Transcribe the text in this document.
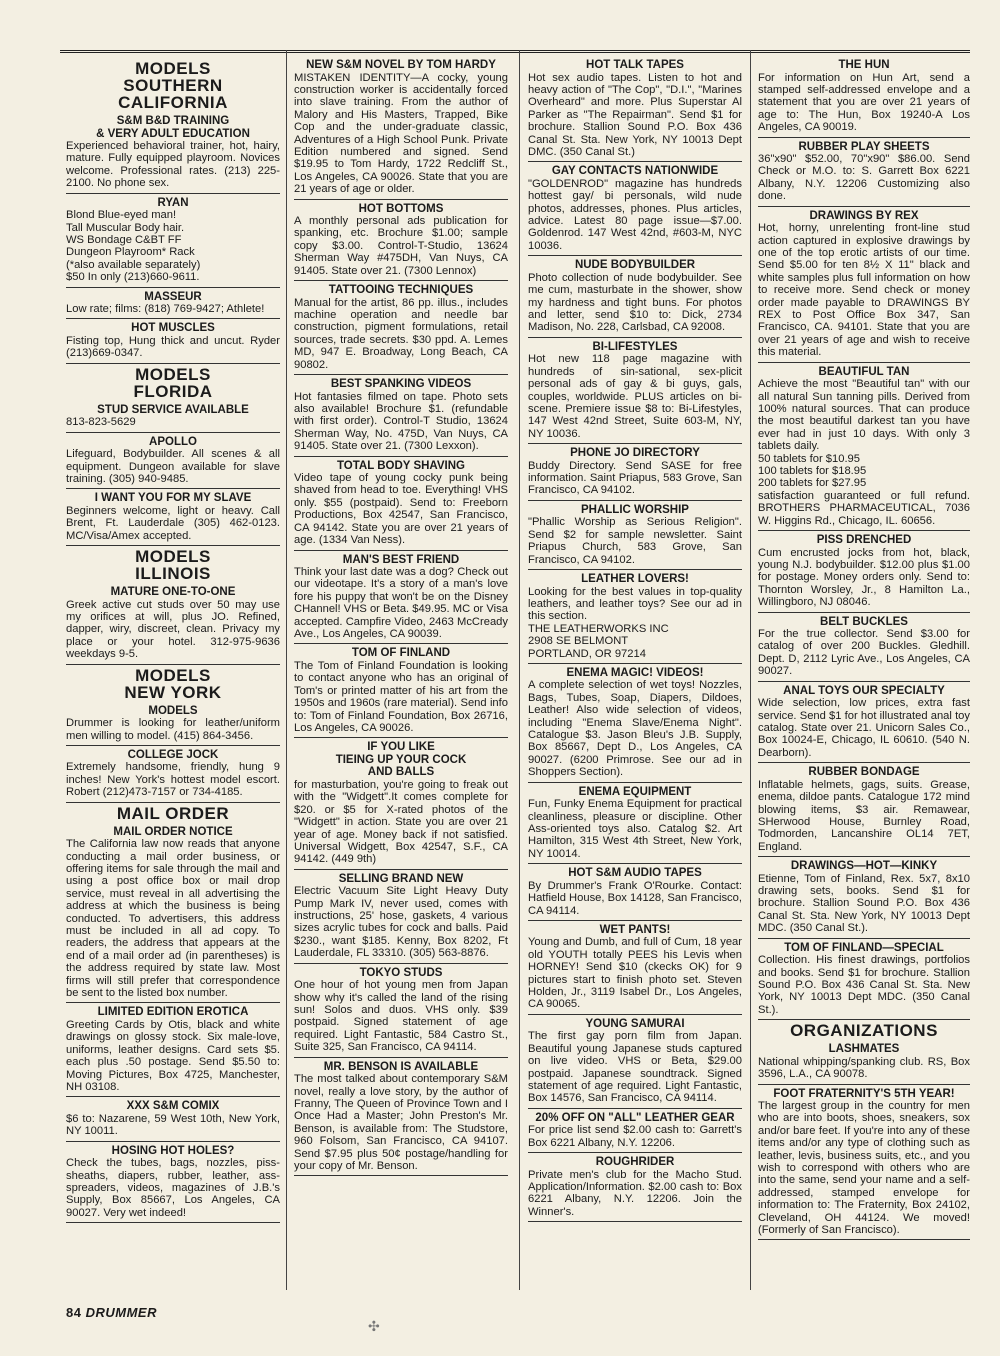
MODELS
SOUTHERN
CALIFORNIA
S&M B&D TRAINING
& VERY ADULT EDUCATION

Experienced behavioral trainer, hot, hairy, mature. Fully equipped playroom. Novices welcome. Professional rates. (213) 225-2100. No phone sex.

RYAN

Blond Blue-eyed man!
Tall Muscular Body hair.
WS Bondage C&BT FF
Dungeon Playroom* Rack
(*also available separately)
$50 In only (213)660-9611.

MASSEUR

Low rate; films: (818) 769-9427; Athlete!

HOT MUSCLES

Fisting top, Hung thick and uncut. Ryder (213)669-0347.

MODELS
FLORIDA
STUD SERVICE AVAILABLE

813-823-5629

APOLLO

Lifeguard, Bodybuilder. All scenes & all equipment. Dungeon available for slave training. (305) 940-9485.

I WANT YOU FOR MY SLAVE

Beginners welcome, light or heavy. Call Brent, Ft. Lauderdale (305) 462-0123. MC/Visa/Amex accepted.

MODELS
ILLINOIS
MATURE ONE-TO-ONE

Greek active cut studs over 50 may use my orifices at will, plus JO. Refined, dapper, wiry, discreet, clean. Privacy my place or your hotel. 312-975-9636 weekdays 9-5.

MODELS
NEW YORK
MODELS

Drummer is looking for leather/uniform men willing to model. (415) 864-3456.

COLLEGE JOCK

Extremely handsome, friendly, hung 9 inches! New York's hottest model escort. Robert (212)473-7157 or 734-4185.

MAIL ORDER
MAIL ORDER NOTICE

The California law now reads that anyone conducting a mail order business, or offering items for sale through the mail and using a post office box or mail drop service, must reveal in all advertising the address at which the business is being conducted. To advertisers, this address must be included in all ad copy. To readers, the address that appears at the end of a mail order ad (in parentheses) is the address required by state law. Most firms will still prefer that correspondence be sent to the listed box number.

LIMITED EDITION EROTICA

Greeting Cards by Otis, black and white drawings on glossy stock. Six male-love, uniforms, leather designs. Card sets $5. each plus .50 postage. Send $5.50 to: Moving Pictures, Box 4725, Manchester, NH 03108.

XXX S&M COMIX

$6 to: Nazarene, 59 West 10th, New York, NY 10011.

HOSING HOT HOLES?

Check the tubes, bags, nozzles, piss-sheaths, diapers, rubber, leather, ass-spreaders, videos, magazines of J.B.'s Supply, Box 85667, Los Angeles, CA 90027. Very wet indeed!

NEW S&M NOVEL BY TOM HARDY

MISTAKEN IDENTITY—A cocky, young construction worker is accidentally forced into slave training. From the author of Malory and His Masters, Trapped, Bike Cop and the under-graduate classic, Adventures of a High School Punk. Private Edition numbered and signed. Send $19.95 to Tom Hardy, 1722 Redcliff St., Los Angeles, CA 90026. State that you are 21 years of age or older.

HOT BOTTOMS

A monthly personal ads publication for spanking, etc. Brochure $1.00; sample copy $3.00. Control-T-Studio, 13624 Sherman Way #475DH, Van Nuys, CA 91405. State over 21. (7300 Lennox)

TATTOOING TECHNIQUES

Manual for the artist, 86 pp. illus., includes machine operation and needle bar construction, pigment formulations, retail sources, trade secrets. $30 ppd. A. Lemes MD, 947 E. Broadway, Long Beach, CA 90802.

BEST SPANKING VIDEOS

Hot fantasies filmed on tape. Photo sets also available! Brochure $1. (refundable with first order). Control-T Studio, 13624 Sherman Way, No. 475D, Van Nuys, CA 91405. State over 21. (7300 Lexxon).

TOTAL BODY SHAVING

Video tape of young cocky punk being shaved from head to toe. Everything! VHS only. $55 (postpaid). Send to: Freeborn Productions, Box 42547, San Francisco, CA 94142. State you are over 21 years of age. (1334 Van Ness).

MAN'S BEST FRIEND

Think your last date was a dog? Check out our videotape. It's a story of a man's love fore his puppy that won't be on the Disney CHannel! VHS or Beta. $49.95. MC or Visa accepted. Campfire Video, 2463 McCready Ave., Los Angeles, CA 90039.

TOM OF FINLAND

The Tom of Finland Foundation is looking to contact anyone who has an original of Tom's or printed matter of his art from the 1950s and 1960s (rare material). Send info to: Tom of Finland Foundation, Box 26716, Los Angeles, CA 90026.

IF YOU LIKE
TIEING UP YOUR COCK
AND BALLS

for masturbation, you're going to freak out with the "Widgett".It comes complete for $20. or $5 for X-rated photos of the "Widgett" in action. State you are over 21 year of age. Money back if not satisfied. Universal Widgett, Box 42547, S.F., CA 94142. (449 9th)

SELLING BRAND NEW

Electric Vacuum Site Light Heavy Duty Pump Mark IV, never used, comes with instructions, 25' hose, gaskets, 4 various sizes acrylic tubes for cock and balls. Paid $230., want $185. Kenny, Box 8202, Ft Lauderdale, FL 33310. (305) 563-8876.

TOKYO STUDS

One hour of hot young men from Japan show why it's called the land of the rising sun! Solos and duos. VHS only. $39 postpaid. Signed statement of age required. Light Fantastic, 584 Castro St., Suite 325, San Francisco, CA 94114.

MR. BENSON IS AVAILABLE

The most talked about contemporary S&M novel, really a love story, by the author of Franny, The Queen of Province Town and I Once Had a Master; John Preston's Mr. Benson, is available from: The Studstore, 960 Folsom, San Francisco, CA 94107. Send $7.95 plus 50¢ postage/handling for your copy of Mr. Benson.

HOT TALK TAPES

Hot sex audio tapes. Listen to hot and heavy action of "The Cop", "D.I.", "Marines Overheard" and more. Plus Superstar Al Parker as "The Repairman". Send $1 for brochure. Stallion Sound P.O. Box 436 Canal St. Sta. New York, NY 10013 Dept DMC. (350 Canal St.)

GAY CONTACTS NATIONWIDE

"GOLDENROD" magazine has hundreds hottest gay/ bi personals, wild nude photos, addresses, phones. Plus articles, advice. Latest 80 page issue—$7.00. Goldenrod. 147 West 42nd, #603-M, NYC 10036.

NUDE BODYBUILDER

Photo collection of nude bodybuilder. See me cum, masturbate in the shower, show my hardness and tight buns. For photos and letter, send $10 to: Dick, 2734 Madison, No. 228, Carlsbad, CA 92008.

BI-LIFESTYLES

Hot new 118 page magazine with hundreds of sin-sational, sex-plicit personal ads of gay & bi guys, gals, couples, worldwide. PLUS articles on bi-scene. Premiere issue $8 to: Bi-Lifestyles, 147 West 42nd Street, Suite 603-M, NY, NY 10036.

PHONE JO DIRECTORY

Buddy Directory. Send SASE for free information. Saint Priapus, 583 Grove, San Francisco, CA 94102.

PHALLIC WORSHIP

"Phallic Worship as Serious Religion". Send $2 for sample newsletter. Saint Priapus Church, 583 Grove, San Francisco, CA 94102.

LEATHER LOVERS!

Looking for the best values in top-quality leathers, and leather toys? See our ad in this section.
THE LEATHERWORKS INC
2908 SE BELMONT
PORTLAND, OR 97214

ENEMA MAGIC! VIDEOS!

A complete selection of wet toys! Nozzles, Bags, Tubes, Soap, Diapers, Dildoes, Leather! Also wide selection of videos, including "Enema Slave/Enema Night". Catalogue $3. Jason Bleu's J.B. Supply, Box 85667, Dept D., Los Angeles, CA 90027. (6200 Primrose. See our ad in Shoppers Section).

ENEMA EQUIPMENT

Fun, Funky Enema Equipment for practical cleanliness, pleasure or discipline. Other Ass-oriented toys also. Catalog $2. Art Hamilton, 315 West 4th Street, New York, NY 10014.

HOT S&M AUDIO TAPES

By Drummer's Frank O'Rourke. Contact: Hatfield House, Box 14128, San Francisco, CA 94114.

WET PANTS!

Young and Dumb, and full of Cum, 18 year old YOUTH totally PEES his Levis when HORNEY! Send $10 (ckecks OK) for 9 pictures start to finish photo set. Steven Holden, Jr., 3119 Isabel Dr., Los Angeles, CA 90065.

YOUNG SAMURAI

The first gay porn film from Japan. Beautiful young Japanese studs captured on live video. VHS or Beta, $29.00 postpaid. Japanese soundtrack. Signed statement of age required. Light Fantastic, Box 14576, San Francisco, CA 94114.

20% OFF ON "ALL" LEATHER GEAR

For price list send $2.00 cash to: Garrett's Box 6221 Albany, N.Y. 12206.

ROUGHRIDER

Private men's club for the Macho Stud. Application/Information. $2.00 cash to: Box 6221 Albany, N.Y. 12206. Join the Winner's.

THE HUN

For information on Hun Art, send a stamped self-addressed envelope and a statement that you are over 21 years of age to: The Hun, Box 19240-A Los Angeles, CA 90019.

RUBBER PLAY SHEETS

36"x90" $52.00, 70"x90" $86.00. Send Check or M.O. to: S. Garrett Box 6221 Albany, N.Y. 12206 Customizing also done.

DRAWINGS BY REX

Hot, horny, unrelenting front-line stud action captured in explosive drawings by one of the top erotic artists of our time. Send $5.00 for ten 8½ X 11" black and white samples plus full information on how to receive more. Send check or money order made payable to DRAWINGS BY REX to Post Office Box 347, San Francisco, CA. 94101. State that you are over 21 years of age and wish to receive this material.

BEAUTIFUL TAN

Achieve the most "Beautiful tan" with our all natural Sun tanning pills. Derived from 100% natural sources. That can produce the most beautiful darkest tan you have ever had in just 10 days. With only 3 tablets daily.
50 tablets for $10.95
100 tablets for $18.95
200 tablets for $27.95
satisfaction guaranteed or full refund. BROTHERS PHARMACEUTICAL, 7036 W. Higgins Rd., Chicago, IL. 60656.

PISS DRENCHED

Cum encrusted jocks from hot, black, young N.J. bodybuilder. $12.00 plus $1.00 for postage. Money orders only. Send to: Thornton Worsley, Jr., 8 Hamilton La., Willingboro, NJ 08046.

BELT BUCKLES

For the true collector. Send $3.00 for catalog of over 200 Buckles. Gledhill. Dept. D, 2112 Lyric Ave., Los Angeles, CA 90027.

ANAL TOYS OUR SPECIALTY

Wide selection, low prices, extra fast service. Send $1 for hot illustrated anal toy catalog. State over 21. Unicorn Sales Co., Box 10024-E, Chicago, IL 60610. (540 N. Dearborn).

RUBBER BONDAGE

Inflatable helmets, gags, suits. Grease, enema, dildoe pants. Catalogue 172 mind blowing items, $3 air. Remawear, SHerwood House, Burnley Road, Todmorden, Lancanshire OL14 7ET, England.

DRAWINGS—HOT—KINKY

Etienne, Tom of Finland, Rex. 5x7, 8x10 drawing sets, books. Send $1 for brochure. Stallion Sound P.O. Box 436 Canal St. Sta. New York, NY 10013 Dept MDC. (350 Canal St.).

TOM OF FINLAND—SPECIAL

Collection. His finest drawings, portfolios and books. Send $1 for brochure. Stallion Sound P.O. Box 436 Canal St. Sta. New York, NY 10013 Dept MDC. (350 Canal St.).

ORGANIZATIONS
LASHMATES

National whipping/spanking club. RS, Box 3596, L.A., CA 90078.

FOOT FRATERNITY'S 5TH YEAR!

The largest group in the country for men who are into boots, shoes, sneakers, sox and/or bare feet. If you're into any of these items and/or any type of clothing such as leather, levis, business suits, etc., and you wish to correspond with others who are into the same, send your name and a self-addressed, stamped envelope for information to: The Fraternity, Box 24102, Cleveland, OH 44124. We moved! (Formerly of San Francisco).

84 DRUMMER
✣
